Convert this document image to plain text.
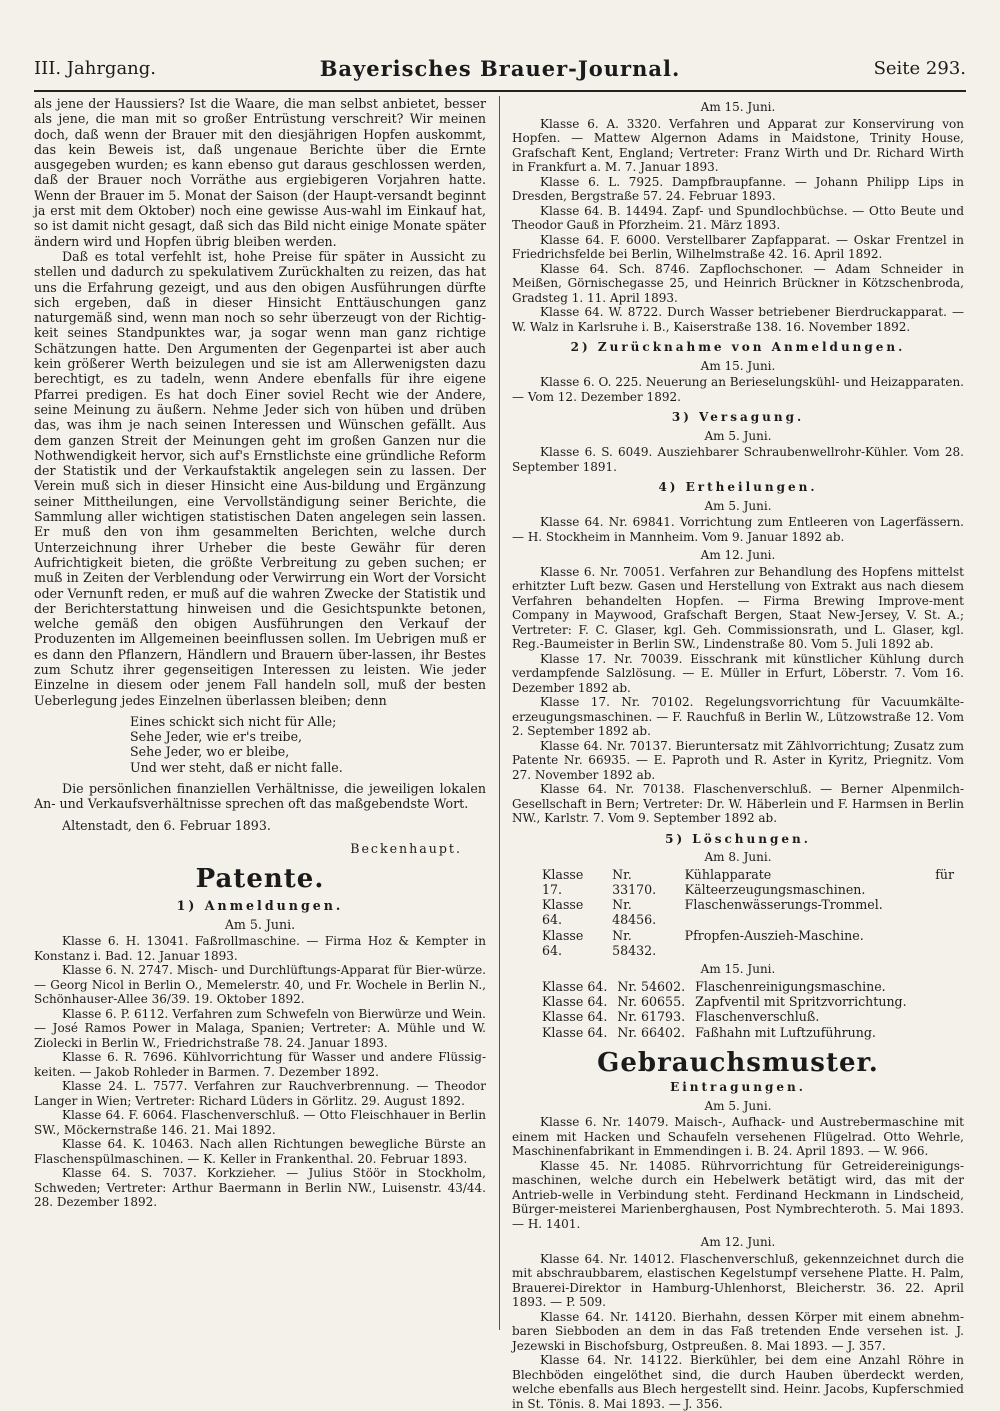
III. Jahrgang.	Bayerisches Brauer-Journal.	Seite 293.

als jene der Haussiers? Ist die Waare, die man selbst anbietet, besser als jene, die man mit so großer Entrüstung verschreit? Wir meinen doch, daß wenn der Brauer mit den diesjährigen Hopfen auskommt, das kein Beweis ist, daß ungenaue Berichte über die Ernte ausgegeben wurden; es kann ebenso gut daraus geschlossen werden, daß der Brauer noch Vorräthe aus ergiebigeren Vorjahren hatte. Wenn der Brauer im 5. Monat der Saison (der Haupt-versandt beginnt ja erst mit dem Oktober) noch eine gewisse Aus-wahl im Einkauf hat, so ist damit nicht gesagt, daß sich das Bild nicht einige Monate später ändern wird und Hopfen übrig bleiben werden.

Daß es total verfehlt ist, hohe Preise für später in Aussicht zu stellen und dadurch zu spekulativem Zurückhalten zu reizen, das hat uns die Erfahrung gezeigt, und aus den obigen Ausführungen dürfte sich ergeben, daß in dieser Hinsicht Enttäuschungen ganz naturgemäß sind, wenn man noch so sehr überzeugt von der Richtig-keit seines Standpunktes war, ja sogar wenn man ganz richtige Schätzungen hatte. Den Argumenten der Gegenpartei ist aber auch kein größerer Werth beizulegen und sie ist am Allerwenigsten dazu berechtigt, es zu tadeln, wenn Andere ebenfalls für ihre eigene Pfarrei predigen. Es hat doch Einer soviel Recht wie der Andere, seine Meinung zu äußern. Nehme Jeder sich von hüben und drüben das, was ihm je nach seinen Interessen und Wünschen gefällt. Aus dem ganzen Streit der Meinungen geht im großen Ganzen nur die Nothwendigkeit hervor, sich auf's Ernstlichste eine gründliche Reform der Statistik und der Verkaufstaktik angelegen sein zu lassen. Der Verein muß sich in dieser Hinsicht eine Aus-bildung und Ergänzung seiner Mittheilungen, eine Vervollständigung seiner Berichte, die Sammlung aller wichtigen statistischen Daten angelegen sein lassen. Er muß den von ihm gesammelten Berichten, welche durch Unterzeichnung ihrer Urheber die beste Gewähr für deren Aufrichtigkeit bieten, die größte Verbreitung zu geben suchen; er muß in Zeiten der Verblendung oder Verwirrung ein Wort der Vorsicht oder Vernunft reden, er muß auf die wahren Zwecke der Statistik und der Berichterstattung hinweisen und die Gesichtspunkte betonen, welche gemäß den obigen Ausführungen den Verkauf der Produzenten im Allgemeinen beeinflussen sollen. Im Uebrigen muß er es dann den Pflanzern, Händlern und Brauern über-lassen, ihr Bestes zum Schutz ihrer gegenseitigen Interessen zu leisten. Wie jeder Einzelne in diesem oder jenem Fall handeln soll, muß der besten Ueberlegung jedes Einzelnen überlassen bleiben; denn

Eines schickt sich nicht für Alle;
Sehe Jeder, wie er's treibe,
Sehe Jeder, wo er bleibe,
Und wer steht, daß er nicht falle.

Die persönlichen finanziellen Verhältnisse, die jeweiligen lokalen An- und Verkaufsverhältnisse sprechen oft das maßgebendste Wort.

Altenstadt, den 6. Februar 1893.

Beckenhaupt.
Patente.
1) Anmeldungen.
Am 5. Juni.

Klasse 6. H. 13041. Faßrollmaschine. — Firma Hoz & Kempter in Konstanz i. Bad. 12. Januar 1893.

Klasse 6. N. 2747. Misch- und Durchlüftungs-Apparat für Bier-würze. — Georg Nicol in Berlin O., Memelerstr. 40, und Fr. Wochele in Berlin N., Schönhauser-Allee 36/39. 19. Oktober 1892.

Klasse 6. P. 6112. Verfahren zum Schwefeln von Bierwürze und Wein. — José Ramos Power in Malaga, Spanien; Vertreter: A. Mühle und W. Ziolecki in Berlin W., Friedrichstraße 78. 24. Januar 1893.

Klasse 6. R. 7696. Kühlvorrichtung für Wasser und andere Flüssig-keiten. — Jakob Rohleder in Barmen. 7. Dezember 1892.

Klasse 24. L. 7577. Verfahren zur Rauchverbrennung. — Theodor Langer in Wien; Vertreter: Richard Lüders in Görlitz. 29. August 1892.

Klasse 64. F. 6064. Flaschenverschluß. — Otto Fleischhauer in Berlin SW., Möckernstraße 146. 21. Mai 1892.

Klasse 64. K. 10463. Nach allen Richtungen bewegliche Bürste an Flaschenspülmaschinen. — K. Keller in Frankenthal. 20. Februar 1893.

Klasse 64. S. 7037. Korkzieher. — Julius Stöör in Stockholm, Schweden; Vertreter: Arthur Baermann in Berlin NW., Luisenstr. 43/44. 28. Dezember 1892.

Am 15. Juni.

Klasse 6. A. 3320. Verfahren und Apparat zur Konservirung von Hopfen. — Mattew Algernon Adams in Maidstone, Trinity House, Grafschaft Kent, England; Vertreter: Franz Wirth und Dr. Richard Wirth in Frankfurt a. M. 7. Januar 1893.

Klasse 6. L. 7925. Dampfbraupfanne. — Johann Philipp Lips in Dresden, Bergstraße 57. 24. Februar 1893.

Klasse 64. B. 14494. Zapf- und Spundlochbüchse. — Otto Beute und Theodor Gauß in Pforzheim. 21. März 1893.

Klasse 64. F. 6000. Verstellbarer Zapfapparat. — Oskar Frentzel in Friedrichsfelde bei Berlin, Wilhelmstraße 42. 16. April 1892.

Klasse 64. Sch. 8746. Zapflochschoner. — Adam Schneider in Meißen, Görnischegasse 25, und Heinrich Brückner in Kötzschenbroda, Gradsteg 1. 11. April 1893.

Klasse 64. W. 8722. Durch Wasser betriebener Bierdruckapparat. — W. Walz in Karlsruhe i. B., Kaiserstraße 138. 16. November 1892.

2) Zurücknahme von Anmeldungen.
Am 15. Juni.

Klasse 6. O. 225. Neuerung an Berieselungskühl- und Heizapparaten. — Vom 12. Dezember 1892.

3) Versagung.
Am 5. Juni.

Klasse 6. S. 6049. Ausziehbarer Schraubenwellrohr-Kühler. Vom 28. September 1891.

4) Ertheilungen.
Am 5. Juni.

Klasse 64. Nr. 69841. Vorrichtung zum Entleeren von Lagerfässern. — H. Stockheim in Mannheim. Vom 9. Januar 1892 ab.

Am 12. Juni.

Klasse 6. Nr. 70051. Verfahren zur Behandlung des Hopfens mittelst erhitzter Luft bezw. Gasen und Herstellung von Extrakt aus nach diesem Verfahren behandelten Hopfen. — Firma Brewing Improve-ment Company in Maywood, Grafschaft Bergen, Staat New-Jersey, V. St. A.; Vertreter: F. C. Glaser, kgl. Geh. Commissionsrath, und L. Glaser, kgl. Reg.-Baumeister in Berlin SW., Lindenstraße 80. Vom 5. Juli 1892 ab.

Klasse 17. Nr. 70039. Eisschrank mit künstlicher Kühlung durch verdampfende Salzlösung. — E. Müller in Erfurt, Löberstr. 7. Vom 16. Dezember 1892 ab.

Klasse 17. Nr. 70102. Regelungsvorrichtung für Vacuumkälte-erzeugungsmaschinen. — F. Rauchfuß in Berlin W., Lützowstraße 12. Vom 2. September 1892 ab.

Klasse 64. Nr. 70137. Bieruntersatz mit Zählvorrichtung; Zusatz zum Patente Nr. 66935. — E. Paproth und R. Aster in Kyritz, Priegnitz. Vom 27. November 1892 ab.

Klasse 64. Nr. 70138. Flaschenverschluß. — Berner Alpenmilch-Gesellschaft in Bern; Vertreter: Dr. W. Häberlein und F. Harmsen in Berlin NW., Karlstr. 7. Vom 9. September 1892 ab.

5) Löschungen.
Am 8. Juni.
Klasse 17.	Nr. 33170.	Kühlapparate für Kälteerzeugungsmaschinen.
Klasse 64.	Nr. 48456.	Flaschenwässerungs-Trommel.
Klasse 64.	Nr. 58432.	Pfropfen-Auszieh-Maschine.
Am 15. Juni.
Klasse 64.	Nr. 54602.	Flaschenreinigungsmaschine.
Klasse 64.	Nr. 60655.	Zapfventil mit Spritzvorrichtung.
Klasse 64.	Nr. 61793.	Flaschenverschluß.
Klasse 64.	Nr. 66402.	Faßhahn mit Luftzuführung.
Gebrauchsmuster.
Eintragungen.
Am 5. Juni.

Klasse 6. Nr. 14079. Maisch-, Aufhack- und Austrebermaschine mit einem mit Hacken und Schaufeln versehenen Flügelrad. Otto Wehrle, Maschinenfabrikant in Emmendingen i. B. 24. April 1893. — W. 966.

Klasse 45. Nr. 14085. Rührvorrichtung für Getreidereinigungs-maschinen, welche durch ein Hebelwerk betätigt wird, das mit der Antrieb-welle in Verbindung steht. Ferdinand Heckmann in Lindscheid, Bürger-meisterei Marienberghausen, Post Nymbrechteroth. 5. Mai 1893. — H. 1401.

Am 12. Juni.

Klasse 64. Nr. 14012. Flaschenverschluß, gekennzeichnet durch die mit abschraubbarem, elastischen Kegelstumpf versehene Platte. H. Palm, Brauerei-Direktor in Hamburg-Uhlenhorst, Bleicherstr. 36. 22. April 1893. — P. 509.

Klasse 64. Nr. 14120. Bierhahn, dessen Körper mit einem abnehm-baren Siebboden an dem in das Faß tretenden Ende versehen ist. J. Jezewski in Bischofsburg, Ostpreußen. 8. Mai 1893. — J. 357.

Klasse 64. Nr. 14122. Bierkühler, bei dem eine Anzahl Röhre in Blechböden eingelöthet sind, die durch Hauben überdeckt werden, welche ebenfalls aus Blech hergestellt sind. Heinr. Jacobs, Kupferschmied in St. Tönis. 8. Mai 1893. — J. 356.
